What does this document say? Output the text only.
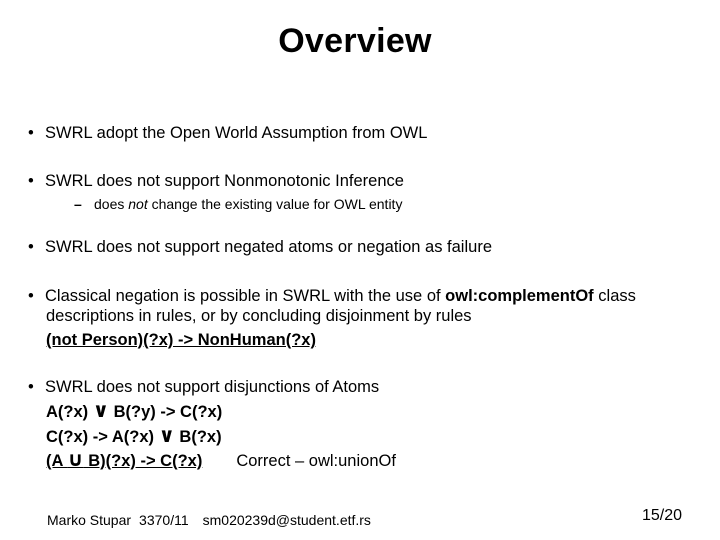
Overview
• SWRL adopt the Open World Assumption from OWL
• SWRL does not support Nonmonotonic Inference
– does not change the existing value for OWL entity
• SWRL does not support negated atoms or negation as failure
• Classical negation is possible in SWRL with the use of owl:complementOf class
descriptions in rules, or by concluding disjoinment by rules
(not Person)(?x) -> NonHuman(?x)
• SWRL does not support disjunctions of Atoms
A(?x) ∨ B(?y) -> C(?x)
C(?x) -> A(?x) ∨ B(?x)
(A ∪ B)(?x) -> C(?x) Correct – owl:unionOf
Marko Stupar 3370/11 sm020239d@student.etf.rs	15/20
